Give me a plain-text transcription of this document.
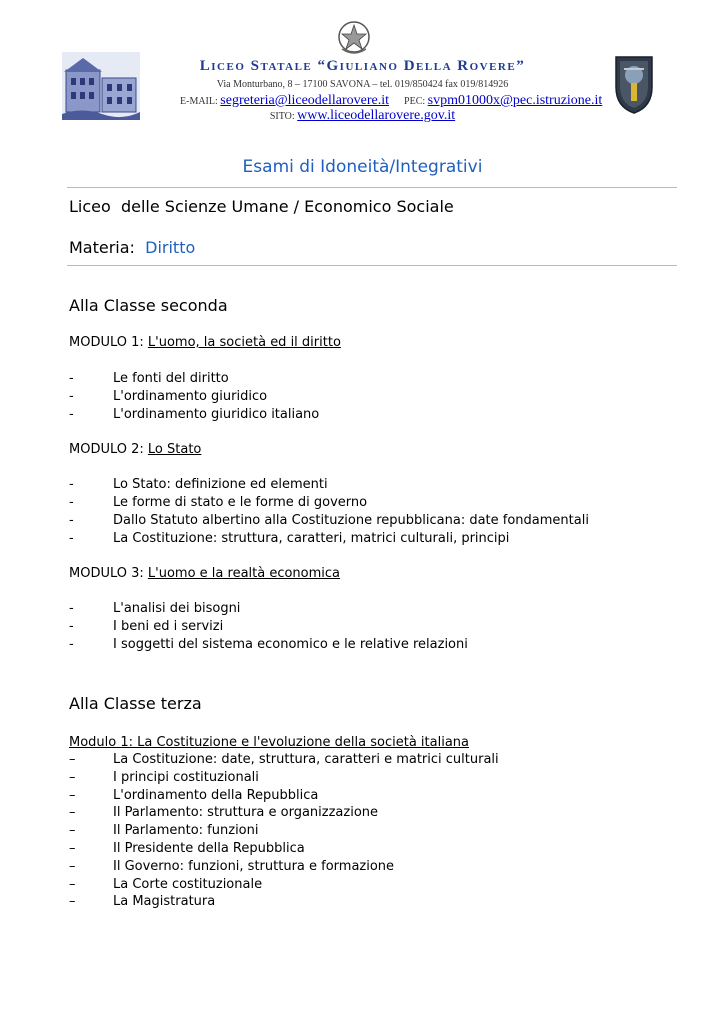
Liceo Statale “Giuliano Della Rovere”
Via Monturbano, 8 – 17100 SAVONA – tel. 019/850424 fax 019/814926
E-MAIL: segreteria@liceodellarovere.it PEC: svpm01000x@pec.istruzione.it
SITO: www.liceodellarovere.gov.it
Esami di Idoneità/Integrativi
Liceo  delle Scienze Umane / Economico Sociale
Materia: Diritto
Alla Classe seconda
MODULO 1: L'uomo, la società ed il diritto
-	Le fonti del diritto
-	L'ordinamento giuridico
-	L'ordinamento giuridico italiano
MODULO 2: Lo Stato
-	Lo Stato: definizione ed elementi
-	Le forme di stato e le forme di governo
-	Dallo Statuto albertino alla Costituzione repubblicana: date fondamentali
-	La Costituzione: struttura, caratteri, matrici culturali, principi
MODULO 3: L'uomo e la realtà economica
-	L'analisi dei bisogni
-	I beni ed i servizi
-	I soggetti del sistema economico e le relative relazioni
Alla Classe terza
Modulo 1: La Costituzione e l'evoluzione della società italiana
–	La Costituzione: date, struttura, caratteri e matrici culturali
–	I principi costituzionali
–	L'ordinamento della Repubblica
–	Il Parlamento: struttura e organizzazione
–	Il Parlamento: funzioni
–	Il Presidente della Repubblica
–	Il Governo: funzioni, struttura e formazione
–	La Corte costituzionale
–	La Magistratura
